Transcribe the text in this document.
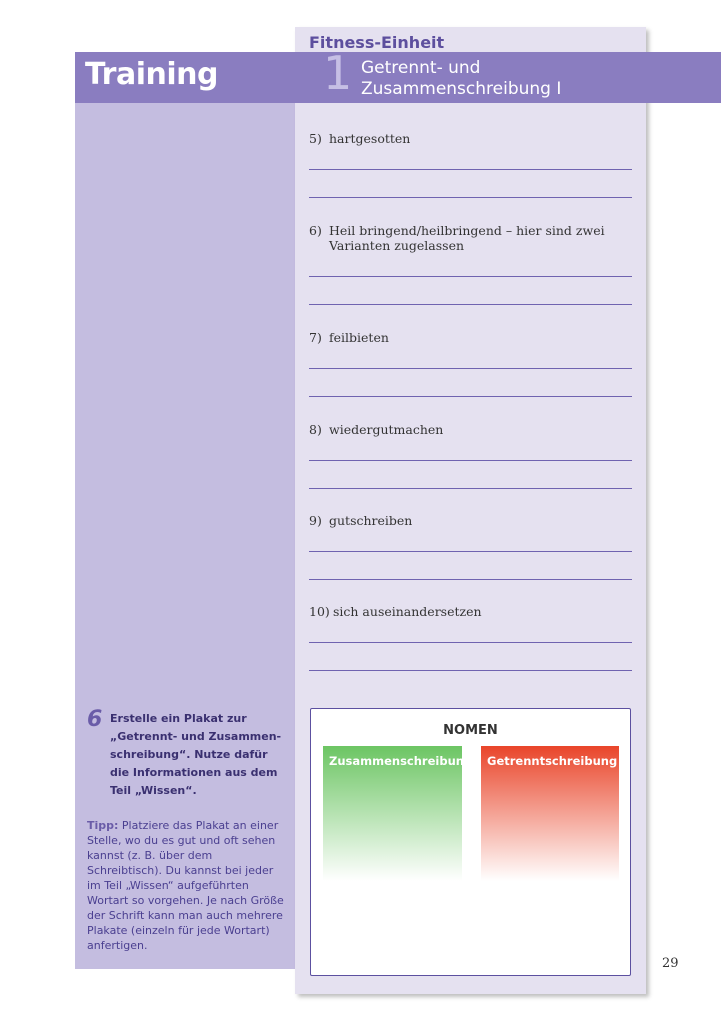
Training
Fitness-Einheit
1 Getrennt- und
Zusammenschreibung I
5) hartgesotten
6) Heil bringend/heilbringend – hier sind zwei Varianten zugelassen
7) feilbieten
8) wiedergutmachen
9) gutschreiben
10) sich auseinandersetzen
6 Erstelle ein Plakat zur „Getrennt- und Zusammen-schreibung“. Nutze dafür die Informationen aus dem Teil „Wissen“.
Tipp: Platziere das Plakat an einer Stelle, wo du es gut und oft sehen kannst (z. B. über dem Schreibtisch). Du kannst bei jeder im Teil „Wissen“ aufgeführten Wortart so vorgehen. Je nach Größe der Schrift kann man auch mehrere Plakate (einzeln für jede Wortart) anfertigen.
NOMEN
Zusammenschreibung Getrenntschreibung
29
